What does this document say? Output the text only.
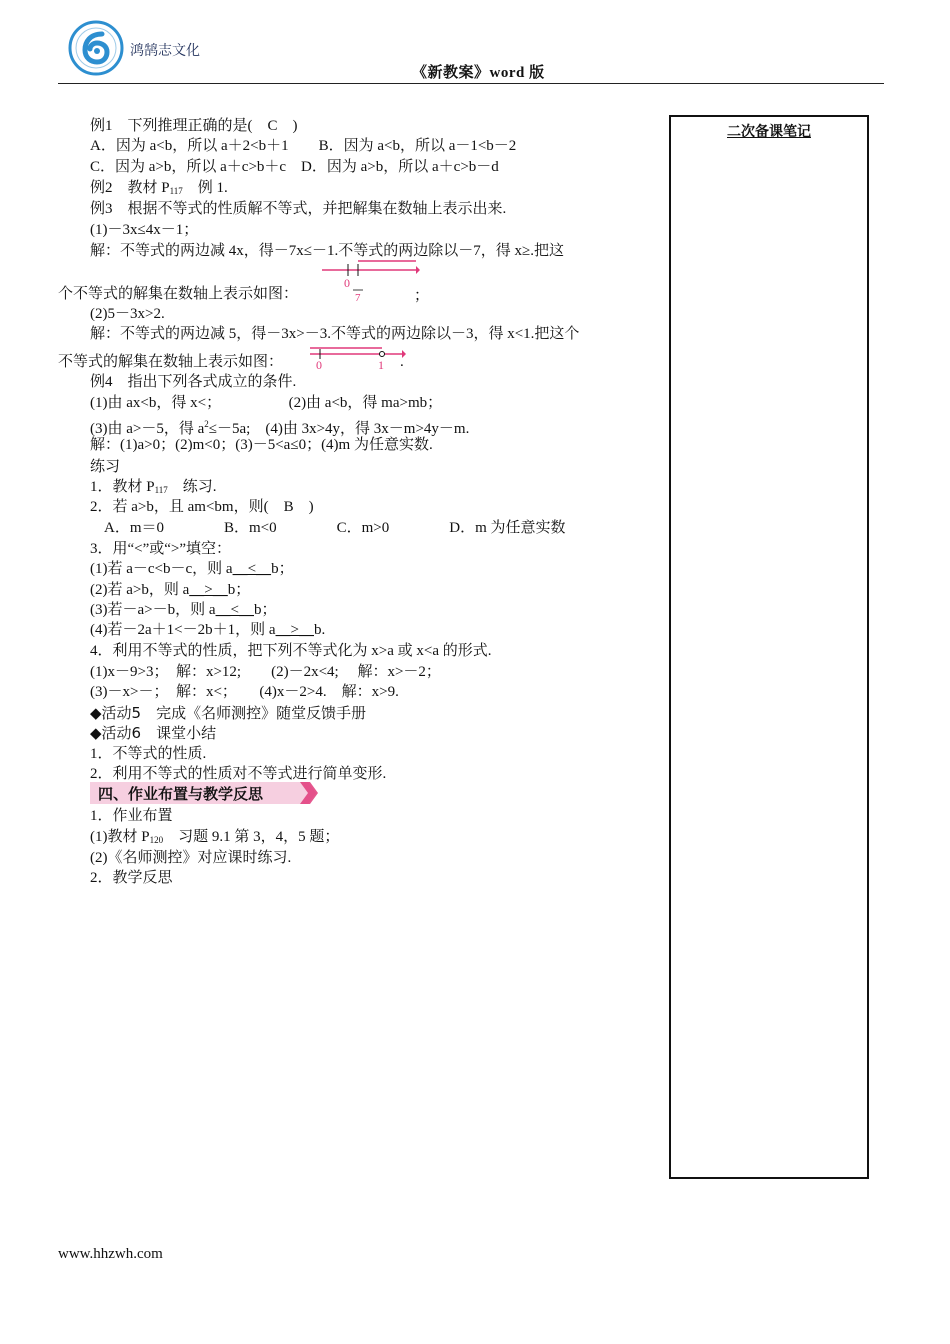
鸿鹄志文化
《新教案》word 版
二次备课笔记
例1　下列推理正确的是(　C　)
A．因为 a<b，所以 a＋2<b＋1　　B．因为 a<b，所以 a－1<b－2
C．因为 a>b，所以 a＋c>b＋c　D．因为 a>b，所以 a＋c>b－d
例2　教材 $P_{117}$　例 1.
例3　根据不等式的性质解不等式，并把解集在数轴上表示出来.
(1)－3x≤4x－1；
解：不等式的两边减 4x，得－7x≤－1.不等式的两边除以－7，得 x≥.把这
个不等式的解集在数轴上表示如图：
0
7	；
(2)5－3x>2.
解：不等式的两边减 5，得－3x>－3.不等式的两边除以－3，得 x<1.把这个
0	1
不等式的解集在数轴上表示如图：	.
例4　指出下列各式成立的条件.
(1)由 ax<b，得 x<；　　　　　(2)由 a<b，得 ma>mb；
(3)由 a>－5，得 $a^2\le-5a$;　(4)由 3x>4y，得 3x－m>4y－m.
解：(1)a>0；(2)m<0；(3)－5<a≤0；(4)m 为任意实数.
练习
1．教材 $P_{117}$　练习.
2．若 a>b，且 am<bm，则(　B　)
A．m＝0　　　　B．m<0　　　　C．m>0　　　　D．m 为任意实数
3．用“<”或“>”填空：
(1)若 a－c<b－c，则 a＿<＿b；
(2)若 a>b，则 a＿>＿b；
(3)若－a>－b，则 a＿<＿b；
(4)若－2a＋1<－2b＋1，则 a＿>＿b.
4．利用不等式的性质，把下列不等式化为 x>a 或 x<a 的形式.
(1)x－9>3；　解：x>12;　　(2)－2x<4;　 解：x>－2；
(3)－x>－；　解：x<；　　(4)x－2>4.　解：x>9.
◆活动5　完成《名师测控》随堂反馈手册
◆活动6　课堂小结
1．不等式的性质.
2．利用不等式的性质对不等式进行简单变形.
四、作业布置与教学反思
1．作业布置
(1)教材 $P_{120}$　习题 9.1 第 3，4，5 题；
(2)《名师测控》对应课时练习.
2．教学反思
www.hhzwh.com
